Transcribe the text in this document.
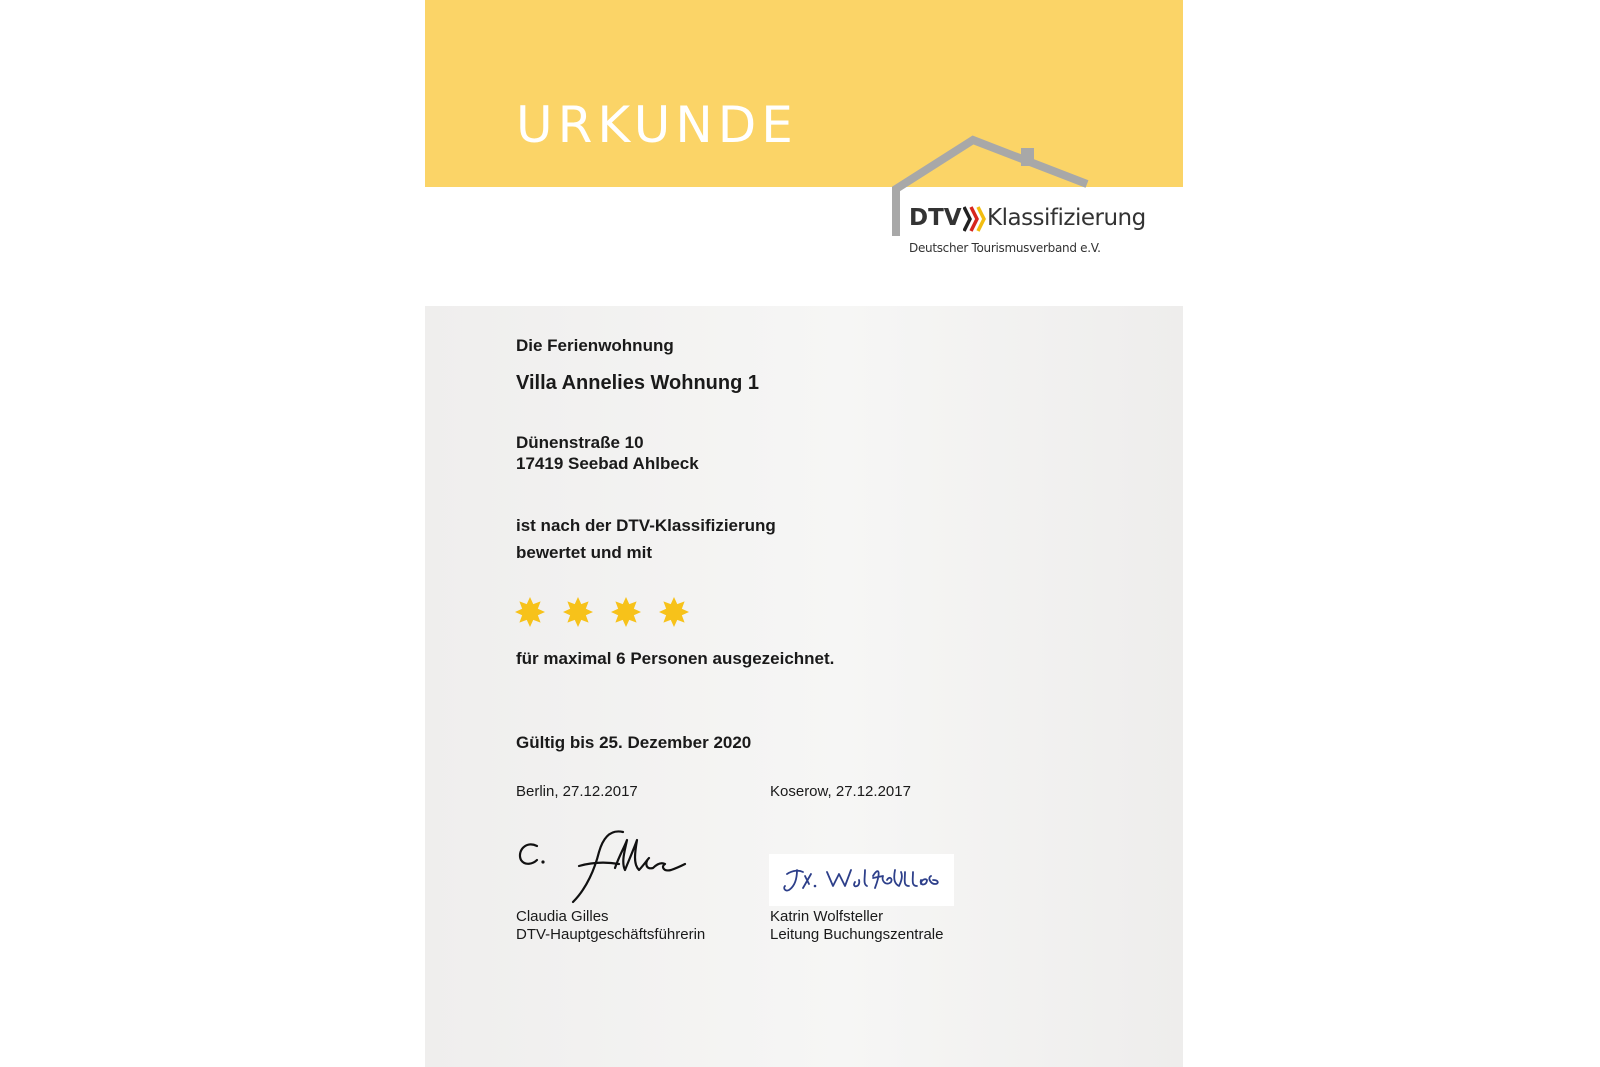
URKUNDE
DTV Klassifizierung
Deutscher Tourismusverband e.V.

Die Ferienwohnung

Villa Annelies Wohnung 1

Dünenstraße 10
17419 Seebad Ahlbeck
ist nach der DTV-Klassifizierung
bewertet und mit

für maximal 6 Personen ausgezeichnet.

Gültig bis 25. Dezember 2020

Berlin, 27.12.2017	Koserow, 27.12.2017
Claudia Gilles
DTV-Hauptgeschäftsführerin
Katrin Wolfsteller
Leitung Buchungszentrale
